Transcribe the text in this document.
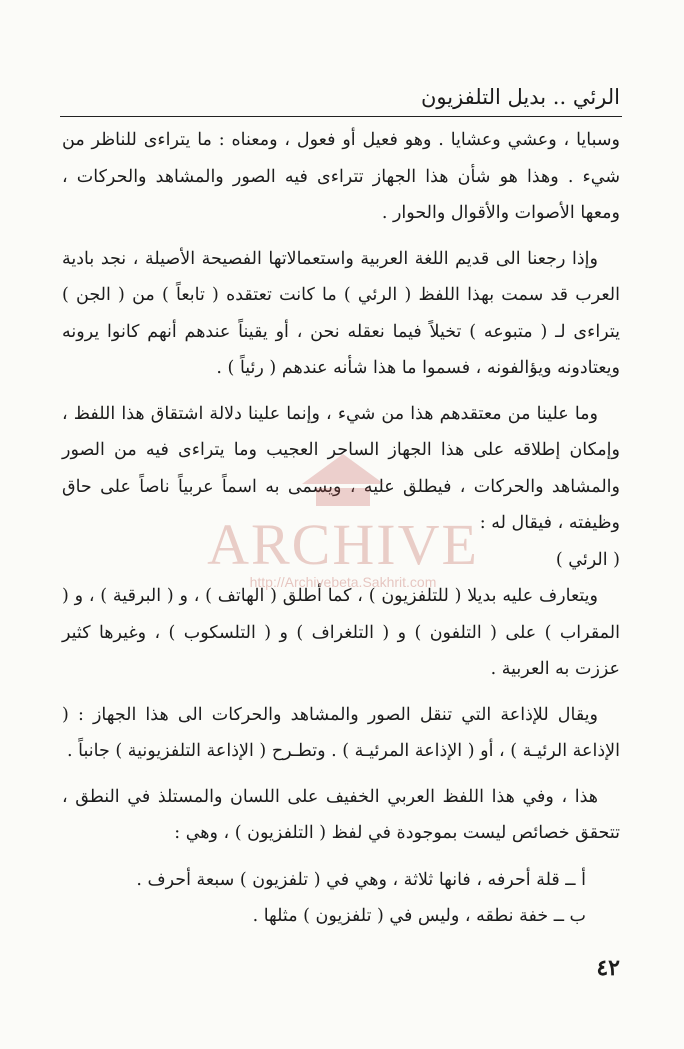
الرئي .. بديل التلفزيون

وسبايا ، وعشي وعشايا . وهو فعيل أو فعول ، ومعناه : ما يتراءى للناظر من شيء . وهذا هو شأن هذا الجهاز تتراءى فيه الصور والمشاهد والحركات ، ومعها الأصوات والأقوال والحوار .

وإذا رجعنا الى قديم اللغة العربية واستعمالاتها الفصيحة الأصيلة ، نجد بادية العرب قد سمت بهذا اللفظ ( الرئي ) ما كانت تعتقده ( تابعاً ) من ( الجن ) يتراءى لـ ( متبوعه ) تخيلاً فيما نعقله نحن ، أو يقيناً عندهم أنهم كانوا يرونه ويعتادونه ويؤالفونه ، فسموا ما هذا شأنه عندهم ( رئياً ) .

وما علينا من معتقدهم هذا من شيء ، وإنما علينا دلالة اشتقاق هذا اللفظ ، وإمكان إطلاقه على هذا الجهاز الساحر العجيب وما يتراءى فيه من الصور والمشاهد والحركات ، فيطلق عليه ، ويسمى به اسماً عربياً ناصاً على حاق وظيفته ، فيقال له :

( الرئي )

ويتعارف عليه بديلا ( للتلفزيون ) ، كما أطلق ( الهاتف ) ، و ( البرقية ) ، و ( المقراب ) على ( التلفون ) و ( التلغراف ) و ( التلسكوب ) ، وغيرها كثير عززت به العربية .

ويقال للإذاعة التي تنقل الصور والمشاهد والحركات الى هذا الجهاز : ( الإذاعة الرئيـة ) ، أو ( الإذاعة المرئيـة ) . وتطـرح ( الإذاعة التلفزيونية ) جانباً .

هذا ، وفي هذا اللفظ العربي الخفيف على اللسان والمستلذ في النطق ، تتحقق خصائص ليست بموجودة في لفظ ( التلفزيون ) ، وهي :

أ ــ قلة أحرفه ، فانها ثلاثة ، وهي في ( تلفزيون ) سبعة أحرف .

ب ــ خفة نطقه ، وليس في ( تلفزيون ) مثلها .

٤٢
ARCHIVE
http://Archivebeta.Sakhrit.com
